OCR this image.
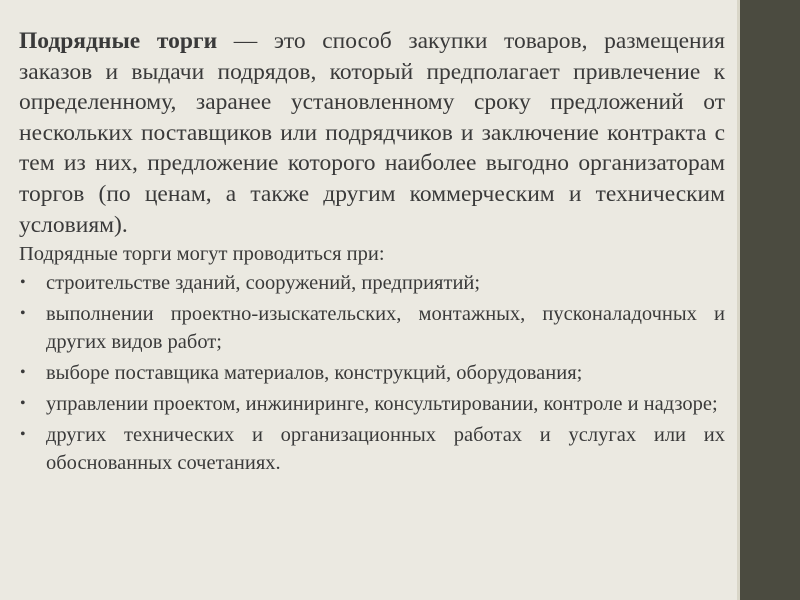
Подрядные торги — это способ закупки товаров, размещения заказов и выдачи подрядов, который предполагает привлечение к определенному, заранее установленному сроку предложений от нескольких поставщиков или подрядчиков и заключение контракта с тем из них, предложение которого наиболее выгодно организаторам торгов (по ценам, а также другим коммерческим и техническим условиям).

Подрядные торги могут проводиться при:

• строительстве зданий, сооружений, предприятий;
• выполнении проектно-изыскательских, монтажных, пусконаладочных и других видов работ;
• выборе поставщика материалов, конструкций, оборудования;
• управлении проектом, инжиниринге, консультировании, контроле и надзоре;
• других технических и организационных работах и услугах или их обоснованных сочетаниях.
